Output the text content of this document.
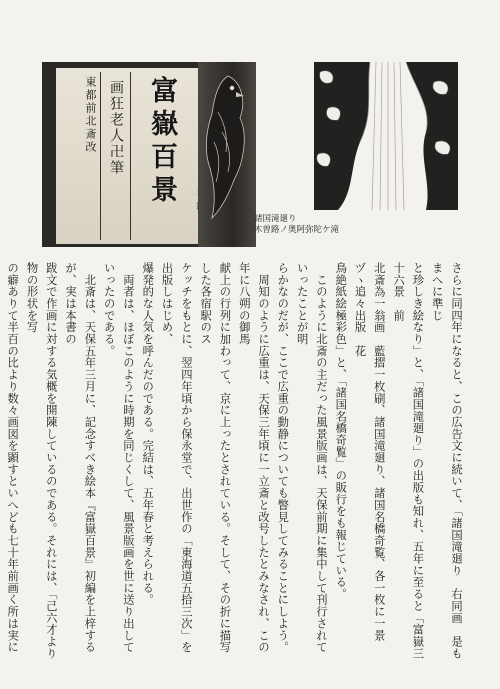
富嶽百景
画狂老人卍筆
東都前北斎改
諸国滝廻り
木曽路ノ奥阿弥陀ケ滝

さらに同四年になると、この広告文に続いて、「諸国滝廻り　右同画　是もまへに準じ

と珍しき絵なり」と、「諸国滝廻り」の出版も知れ、五年に至ると「富嶽三十六景　前

北斎為一翁画　藍摺一枚刷、諸国滝廻り、諸国名橋奇覧、各一枚に一景ヅヽ追々出版　花

鳥絶紙絵極彩色」と、「諸国名橋奇覧」の販行をも報じている。

　このように北斎の主だった風景版画は、天保前期に集中して刊行されていったことが明

らかなのだが、ここで広重の動静についても瞥見してみることにしよう。

　周知のように広重は、天保三年頃に一立斎と改号したとみなされ、この年に八朔の御馬

献上の行列に加わって、京に上ったとされている。そして、その折に描写した各宿駅のス

ケッチをもとに、翌四年頃から保永堂で、出世作の「東海道五拾三次」を出版しはじめ、

爆発的な人気を呼んだのである。完結は、五年春と考えられる。

　両者は、ほぼこのように時期を同じくして、風景版画を世に送り出していったのである。

　北斎は、天保五年三月に、記念すべき絵本『富嶽百景』初編を上梓するが、実は本書の

跋文で作画に対する気概を開陳しているのである。それには、「己六才より物の形状を写

の癖ありて半百の比より数々画図を顕すといへども七十年前画く所は実に
